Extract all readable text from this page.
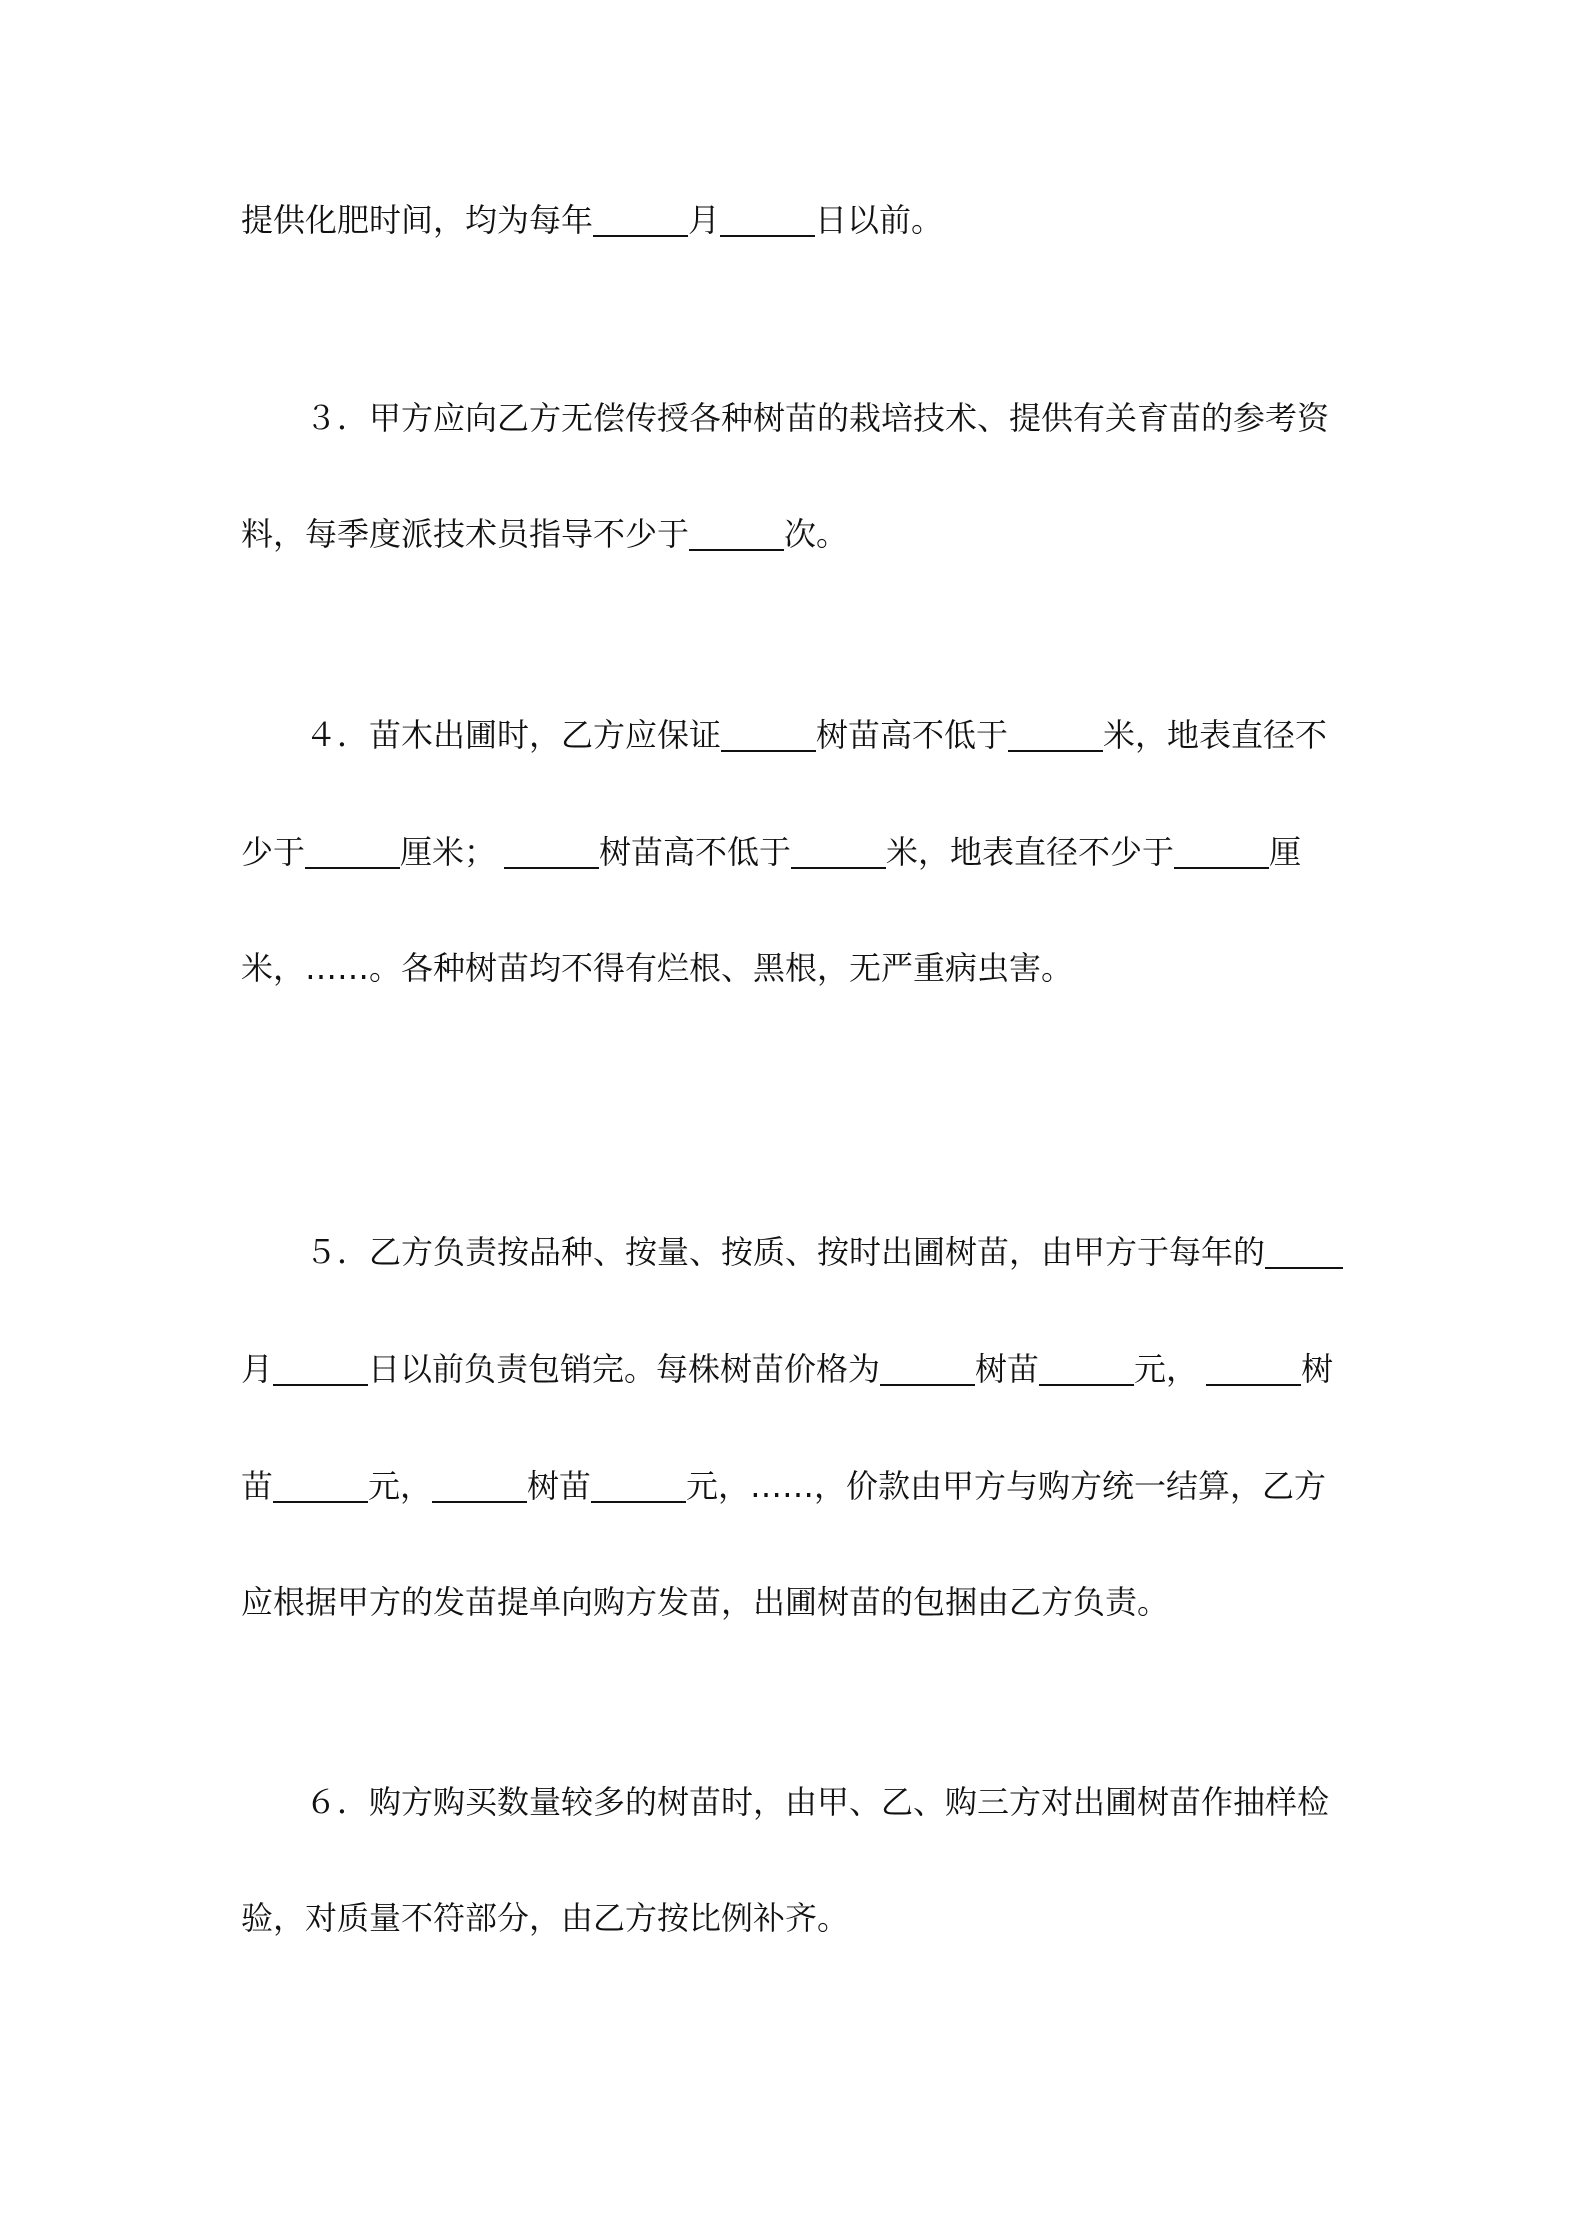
提供化肥时间，均为每年	月	日以前。
３．甲方应向乙方无偿传授各种树苗的栽培技术、提供有关育苗的参考资
料，每季度派技术员指导不少于	次。
４．苗木出圃时，乙方应保证	树苗高不低于	米，地表直径不
少于	厘米；	树苗高不低于	米，地表直径不少于	厘
米，……。各种树苗均不得有烂根、黑根，无严重病虫害。
５．乙方负责按品种、按量、按质、按时出圃树苗，由甲方于每年的
月	日以前负责包销完。每株树苗价格为	树苗	元，	树
苗	元，	树苗	元，……，价款由甲方与购方统一结算，乙方
应根据甲方的发苗提单向购方发苗，出圃树苗的包捆由乙方负责。
６．购方购买数量较多的树苗时，由甲、乙、购三方对出圃树苗作抽样检
验，对质量不符部分，由乙方按比例补齐。
